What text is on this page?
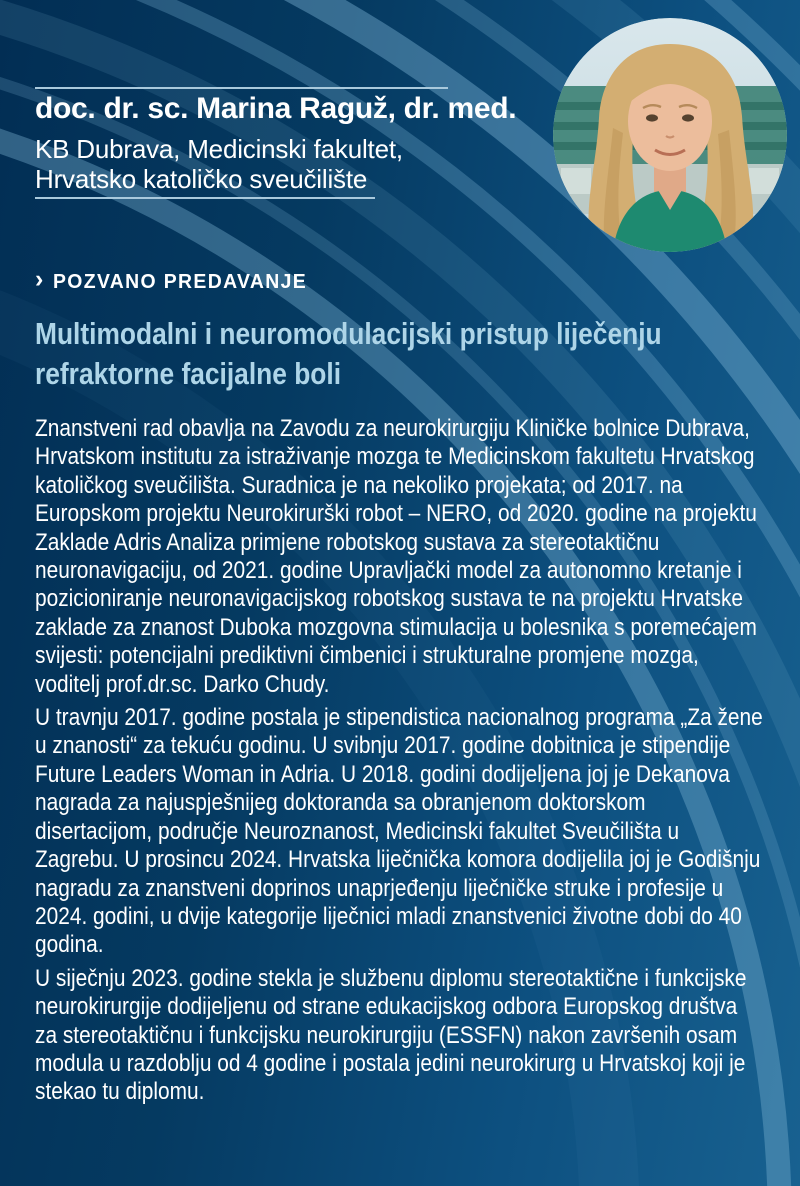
doc. dr. sc. Marina Raguž, dr. med.
KB Dubrava, Medicinski fakultet,
Hrvatsko katoličko sveučilište
› POZVANO PREDAVANJE
Multimodalni i neuromodulacijski pristup liječenju refraktorne facijalne boli

Znanstveni rad obavlja na Zavodu za neurokirurgiju Kliničke bolnice Dubrava, Hrvatskom institutu za istraživanje mozga te Medicinskom fakultetu Hrvatskog katoličkog sveučilišta. Suradnica je na nekoliko projekata; od 2017. na Europskom projektu Neurokirurški robot – NERO, od 2020. godine na projektu Zaklade Adris Analiza primjene robotskog sustava za stereotaktičnu neuronavigaciju, od 2021. godine Upravljački model za autonomno kretanje i pozicioniranje neuronavigacijskog robotskog sustava te na projektu Hrvatske zaklade za znanost Duboka mozgovna stimulacija u bolesnika s poremećajem svijesti: potencijalni prediktivni čimbenici i strukturalne promjene mozga, voditelj prof.dr.sc. Darko Chudy.

U travnju 2017. godine postala je stipendistica nacionalnog programa „Za žene u znanosti“ za tekuću godinu. U svibnju 2017. godine dobitnica je stipendije Future Leaders Woman in Adria. U 2018. godini dodijeljena joj je Dekanova nagrada za najuspješnijeg doktoranda sa obranjenom doktorskom disertacijom, područje Neuroznanost, Medicinski fakultet Sveučilišta u Zagrebu. U prosincu 2024. Hrvatska liječnička komora dodijelila joj je Godišnju nagradu za znanstveni doprinos unaprjeđenju liječničke struke i profesije u 2024. godini, u dvije kategorije liječnici mladi znanstvenici životne dobi do 40 godina.

U siječnju 2023. godine stekla je službenu diplomu stereotaktične i funkcijske neurokirurgije dodijeljenu od strane edukacijskog odbora Europskog društva za stereotaktičnu i funkcijsku neurokirurgiju (ESSFN) nakon završenih osam modula u razdoblju od 4 godine i postala jedini neurokirurg u Hrvatskoj koji je stekao tu diplomu.
